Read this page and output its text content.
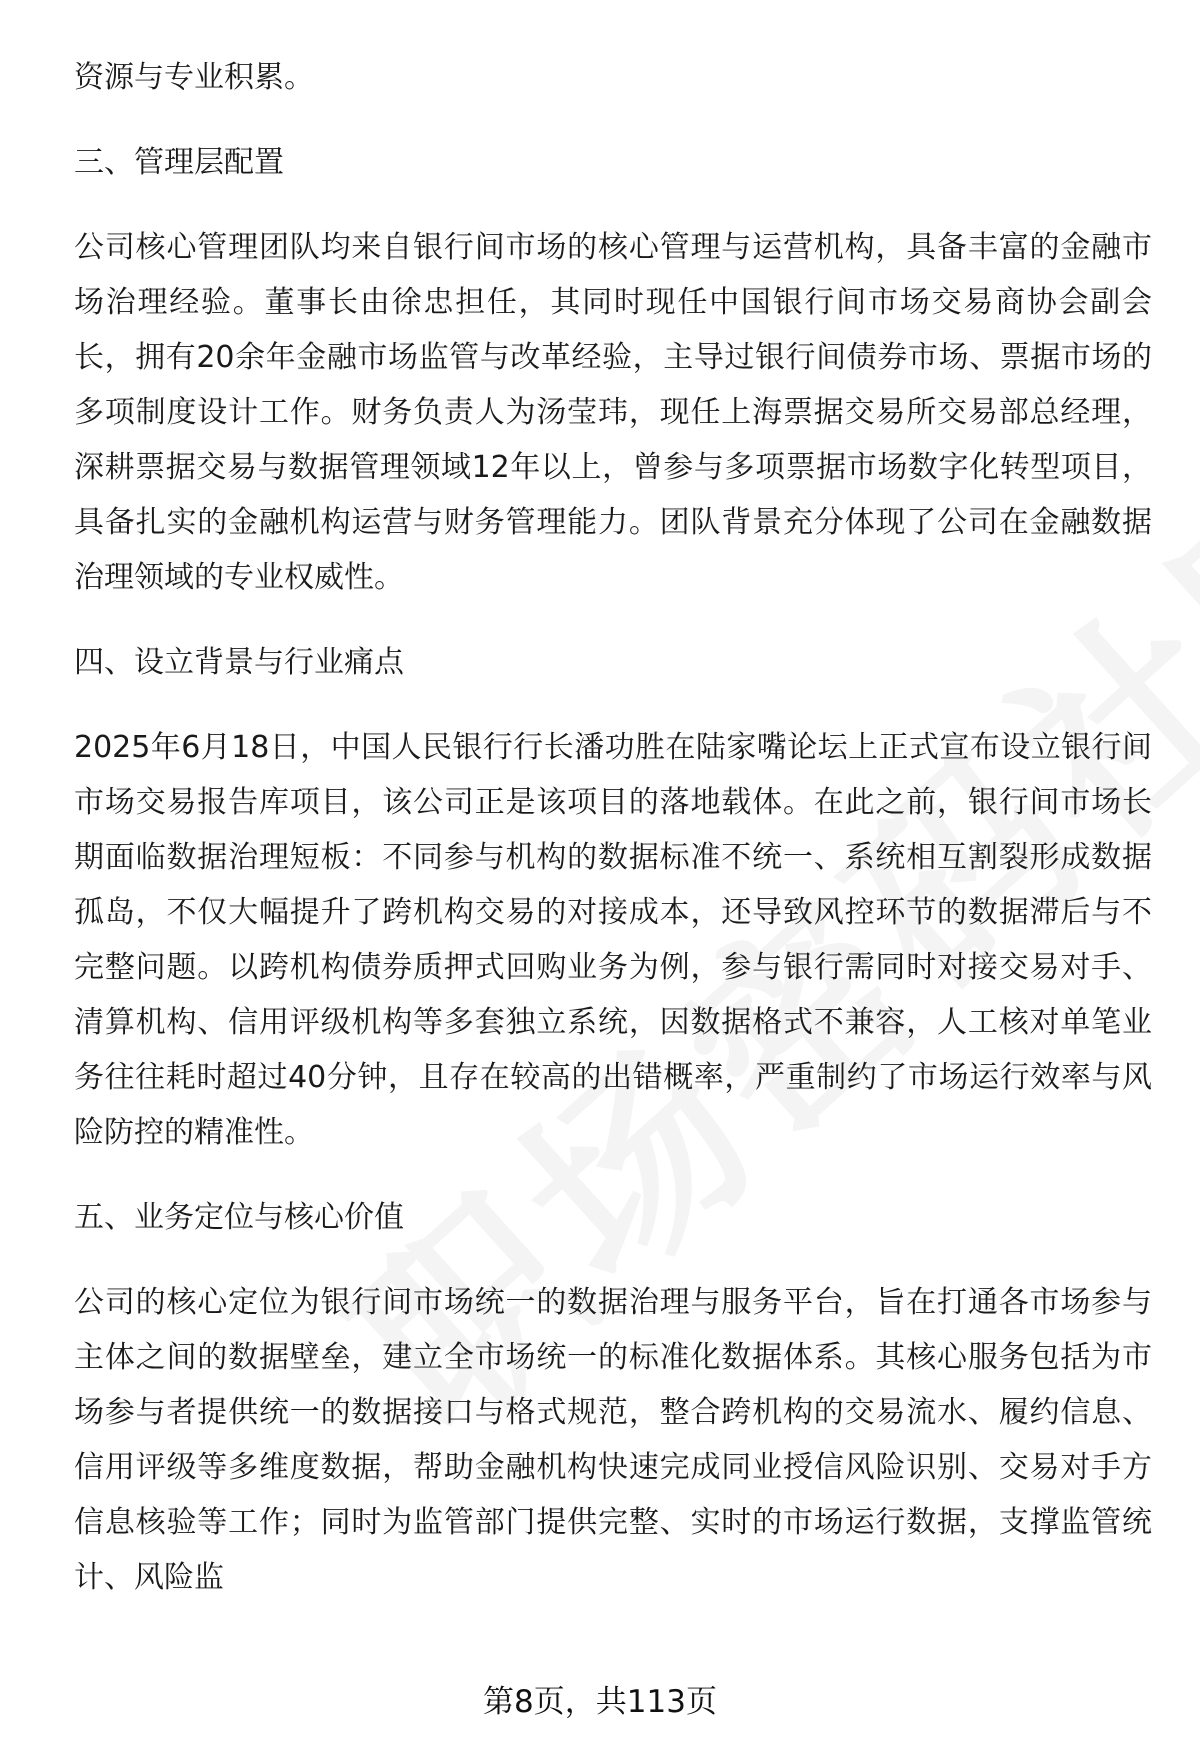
资源与专业积累。

三、管理层配置

公司核心管理团队均来自银行间市场的核心管理与运营机构，具备丰富的金融市场治理经验。董事长由徐忠担任，其同时现任中国银行间市场交易商协会副会长，拥有20余年金融市场监管与改革经验，主导过银行间债券市场、票据市场的多项制度设计工作。财务负责人为汤莹玮，现任上海票据交易所交易部总经理，深耕票据交易与数据管理领域12年以上，曾参与多项票据市场数字化转型项目，具备扎实的金融机构运营与财务管理能力。团队背景充分体现了公司在金融数据治理领域的专业权威性。

四、设立背景与行业痛点

2025年6月18日，中国人民银行行长潘功胜在陆家嘴论坛上正式宣布设立银行间市场交易报告库项目，该公司正是该项目的落地载体。在此之前，银行间市场长期面临数据治理短板：不同参与机构的数据标准不统一、系统相互割裂形成数据孤岛，不仅大幅提升了跨机构交易的对接成本，还导致风控环节的数据滞后与不完整问题。以跨机构债券质押式回购业务为例，参与银行需同时对接交易对手、清算机构、信用评级机构等多套独立系统，因数据格式不兼容，人工核对单笔业务往往耗时超过40分钟，且存在较高的出错概率，严重制约了市场运行效率与风险防控的精准性。

五、业务定位与核心价值

公司的核心定位为银行间市场统一的数据治理与服务平台，旨在打通各市场参与主体之间的数据壁垒，建立全市场统一的标准化数据体系。其核心服务包括为市场参与者提供统一的数据接口与格式规范，整合跨机构的交易流水、履约信息、信用评级等多维度数据，帮助金融机构快速完成同业授信风险识别、交易对手方信息核验等工作；同时为监管部门提供完整、实时的市场运行数据，支撑监管统计、风险监

第8页，共113页
